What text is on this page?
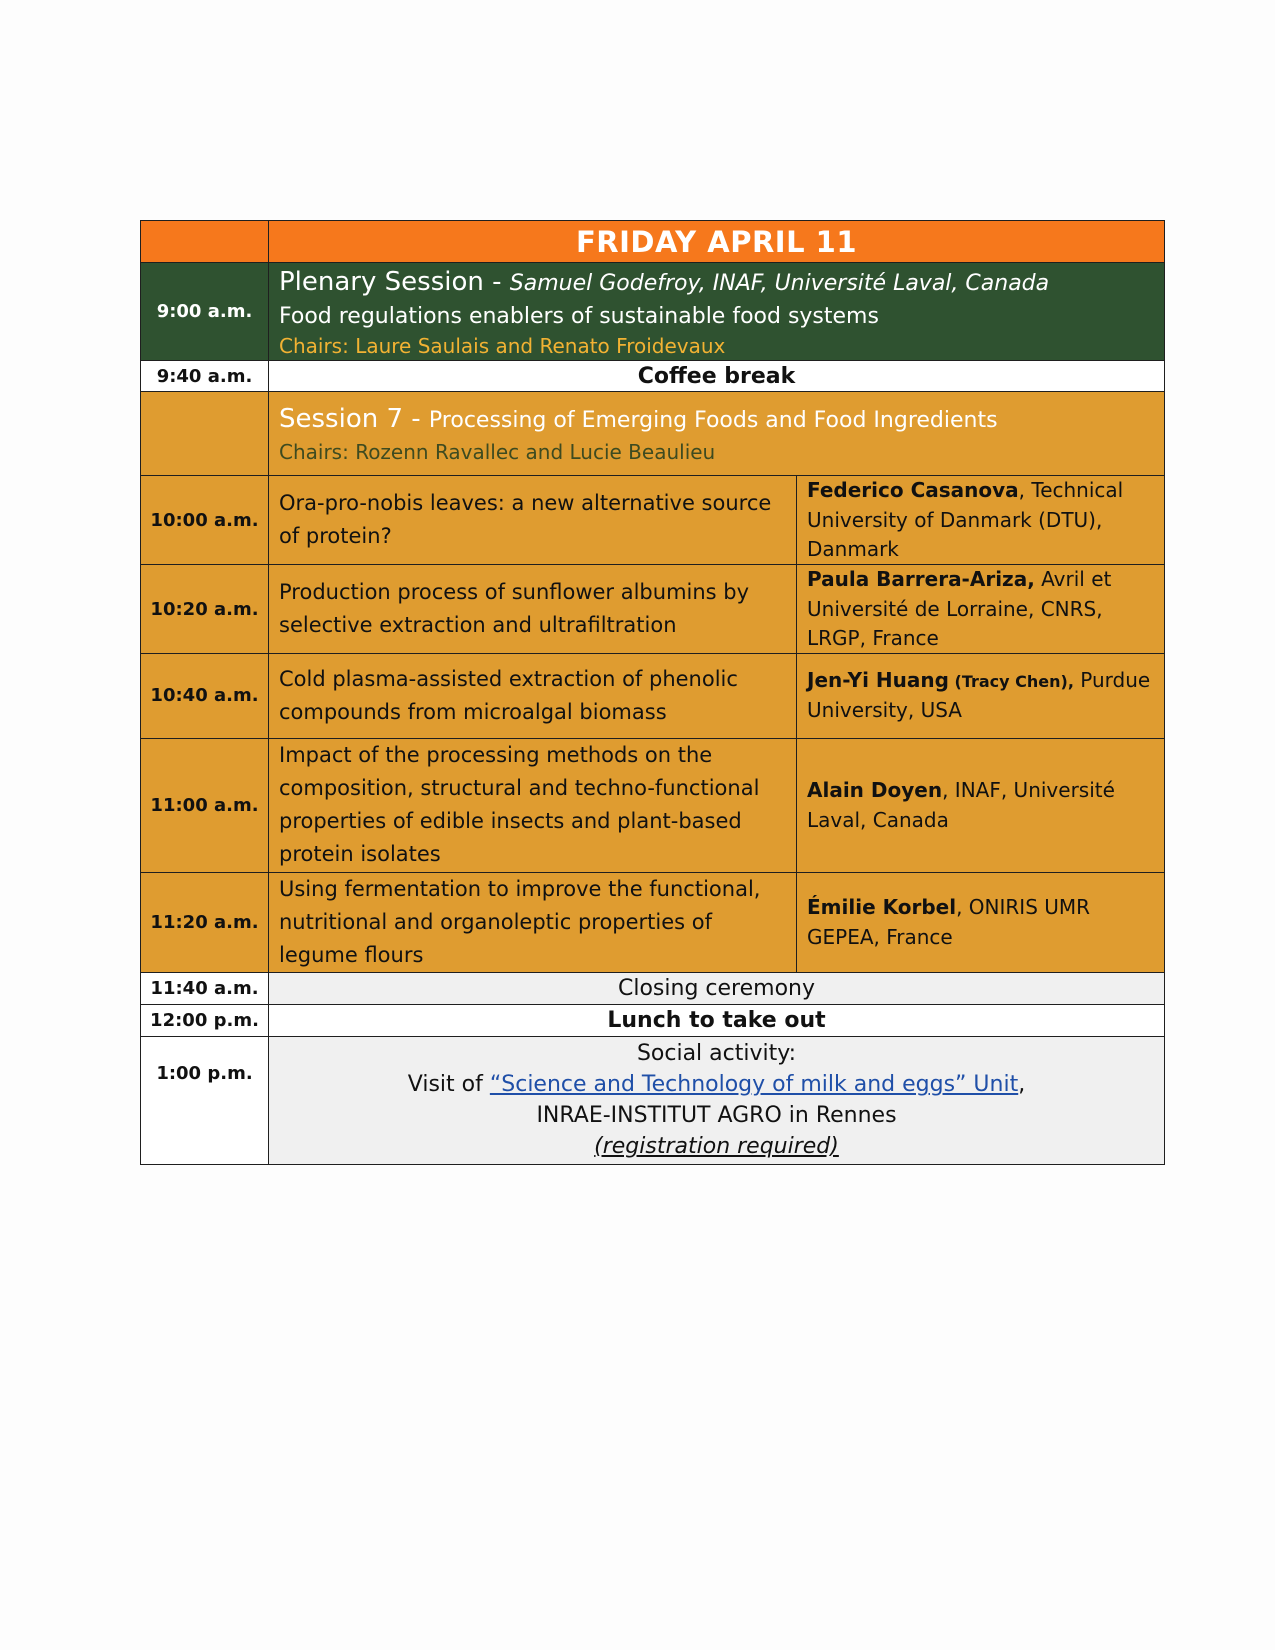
	FRIDAY APRIL 11	
9:00 a.m.	Plenary Session - Samuel Godefroy, INAF, Université Laval, Canada
Food regulations enablers of sustainable food systems
Chairs: Laure Saulais and Renato Froidevaux	

9:40 a.m.	Coffee break	

	Session 7 - Processing of Emerging Foods and Food Ingredients
Chairs: Rozenn Ravallec and Lucie Beaulieu	

10:00 a.m.	Ora-pro-nobis leaves: a new alternative source of protein?	Federico Casanova, Technical University of Danmark (DTU), Danmark
10:20 a.m.	Production process of sunflower albumins by selective extraction and ultrafiltration	Paula Barrera-Ariza, Avril et Université de Lorraine, CNRS, LRGP, France
10:40 a.m.	Cold plasma-assisted extraction of phenolic compounds from microalgal biomass	Jen-Yi Huang (Tracy Chen), Purdue University, USA
11:00 a.m.	Impact of the processing methods on the composition, structural and techno-functional properties of edible insects and plant-based protein isolates	Alain Doyen, INAF, Université Laval, Canada
11:20 a.m.	Using fermentation to improve the functional, nutritional and organoleptic properties of legume flours	Émilie Korbel, ONIRIS UMR GEPEA, France
11:40 a.m.	Closing ceremony	
12:00 p.m.	Lunch to take out	
1:00 p.m.	Social activity:
Visit of “Science and Technology of milk and eggs” Unit,
INRAE-INSTITUT AGRO in Rennes
(registration required)	
